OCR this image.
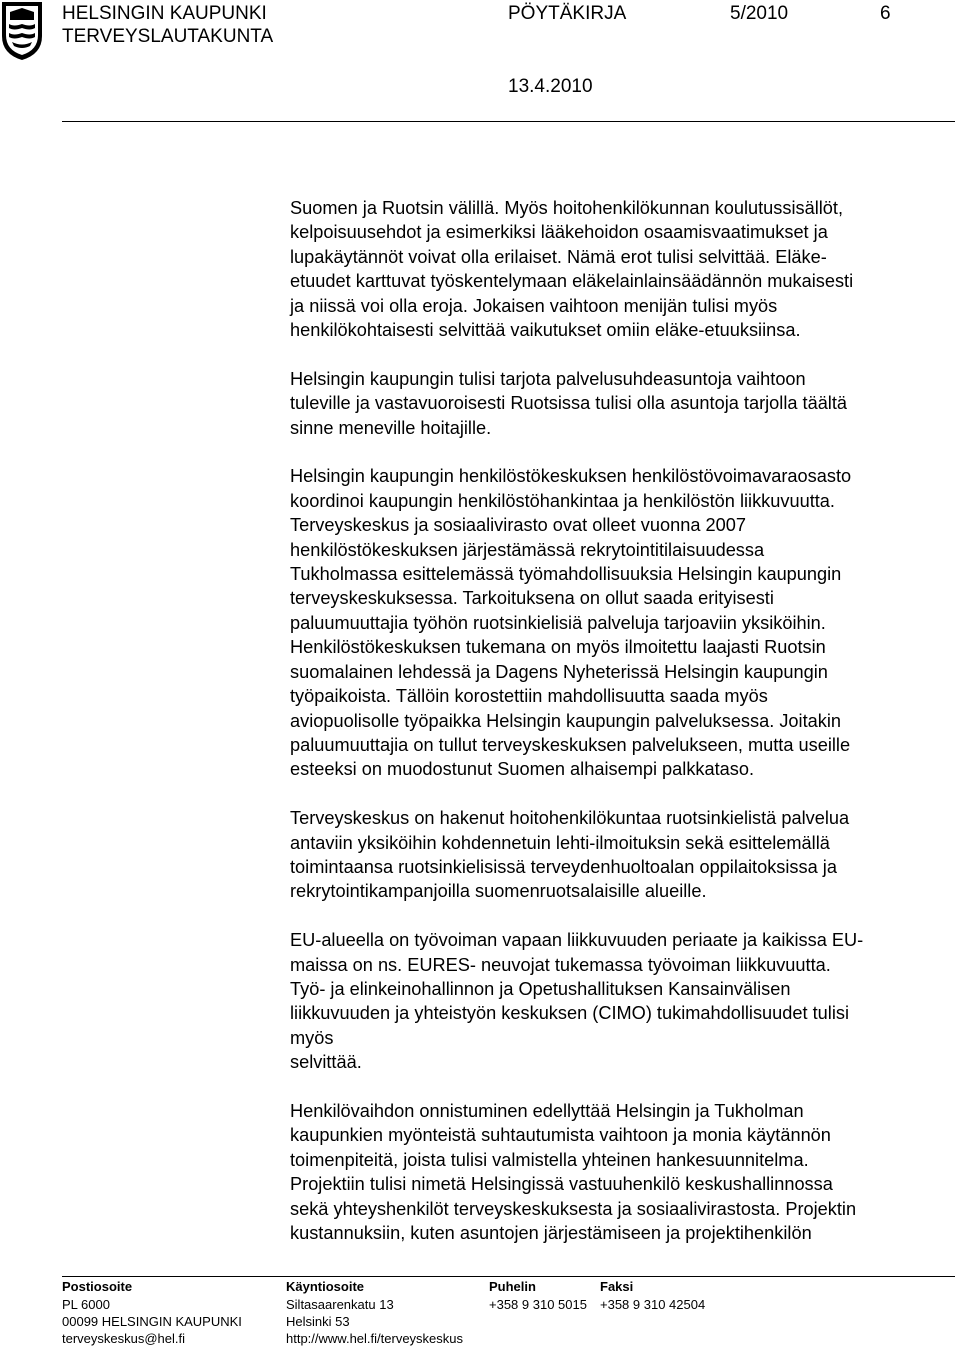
HELSINGIN KAUPUNKI
TERVEYSLAUTAKUNTA
PÖYTÄKIRJA	5/2010	6
13.4.2010
Suomen ja Ruotsin välillä. Myös hoitohenkilökunnan koulutussisällöt,
kelpoisuusehdot ja esimerkiksi lääkehoidon osaamisvaatimukset ja
lupakäytännöt voivat olla erilaiset. Nämä erot tulisi selvittää. Eläke-
etuudet karttuvat työskentelymaan eläkelainlainsäädännön mukaisesti
ja niissä voi olla eroja. Jokaisen vaihtoon menijän tulisi myös
henkilökohtaisesti selvittää vaikutukset omiin eläke-etuuksiinsa.
Helsingin kaupungin tulisi tarjota palvelusuhdeasuntoja vaihtoon
tuleville ja vastavuoroisesti Ruotsissa tulisi olla asuntoja tarjolla täältä
sinne meneville hoitajille.
Helsingin kaupungin henkilöstökeskuksen henkilöstövoimavaraosasto
koordinoi kaupungin henkilöstöhankintaa ja henkilöstön liikkuvuutta.
Terveyskeskus ja sosiaalivirasto ovat olleet vuonna 2007
henkilöstökeskuksen järjestämässä rekrytointitilaisuudessa
Tukholmassa esittelemässä työmahdollisuuksia Helsingin kaupungin
terveyskeskuksessa. Tarkoituksena on ollut saada erityisesti
paluumuuttajia työhön ruotsinkielisiä palveluja tarjoaviin yksiköihin.
Henkilöstökeskuksen tukemana on myös ilmoitettu laajasti Ruotsin
suomalainen lehdessä ja Dagens Nyheterissä Helsingin kaupungin
työpaikoista. Tällöin korostettiin mahdollisuutta saada myös
aviopuolisolle työpaikka Helsingin kaupungin palveluksessa. Joitakin
paluumuuttajia on tullut terveyskeskuksen palvelukseen, mutta useille
esteeksi on muodostunut Suomen alhaisempi palkkataso.
Terveyskeskus on hakenut hoitohenkilökuntaa ruotsinkielistä palvelua
antaviin yksiköihin kohdennetuin lehti-ilmoituksin sekä esittelemällä
toimintaansa ruotsinkielisissä terveydenhuoltoalan oppilaitoksissa ja
rekrytointikampanjoilla suomenruotsalaisille alueille.
EU-alueella on työvoiman vapaan liikkuvuuden periaate ja kaikissa EU-
maissa on ns. EURES- neuvojat tukemassa työvoiman liikkuvuutta.
Työ- ja elinkeinohallinnon ja Opetushallituksen Kansainvälisen
liikkuvuuden ja yhteistyön keskuksen (CIMO) tukimahdollisuudet tulisi
myös
selvittää.
Henkilövaihdon onnistuminen edellyttää Helsingin ja Tukholman
kaupunkien myönteistä suhtautumista vaihtoon ja monia käytännön
toimenpiteitä, joista tulisi valmistella yhteinen hankesuunnitelma.
Projektiin tulisi nimetä Helsingissä vastuuhenkilö keskushallinnossa
sekä yhteyshenkilöt terveyskeskuksesta ja sosiaalivirastosta. Projektin
kustannuksiin, kuten asuntojen järjestämiseen ja projektihenkilön
Postiosoite
PL 6000
00099 HELSINGIN KAUPUNKI
terveyskeskus@hel.fi
Käyntiosoite
Siltasaarenkatu 13
Helsinki 53
http://www.hel.fi/terveyskeskus
Puhelin
+358 9 310 5015
Faksi
+358 9 310 42504
